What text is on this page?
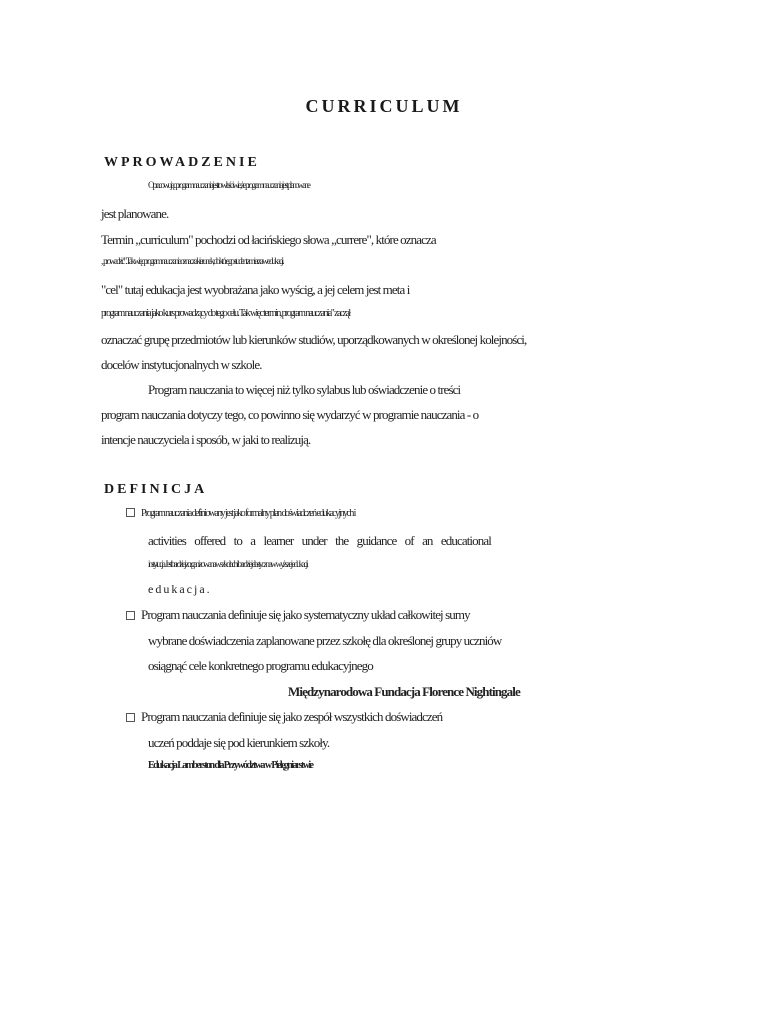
CURRICULUM
WPROWADZENIE
Opracowując program nauczania jest to właściwie, że program nauczania jest planowane
jest planowane.
Termin „curriculum" pochodzi od łacińskiego słowa „currere", które oznacza
„prowadzić". Tak więc program nauczania oznacza kierunek, do którego student zmierza w edukacji.
"cel" tutaj edukacja jest wyobrażana jako wyścig, a jej celem jest meta i
program nauczania jako kurs prowadzący do tego celu. Tak więc termin, program nauczania" zaczął
oznaczać grupę przedmiotów lub kierunków studiów, uporządkowanych w określonej kolejności,
docelów instytucjonalnych w szkole.
Program nauczania to więcej niż tylko sylabus lub oświadczenie o treści
program nauczania dotyczy tego, co powinno się wydarzyć w programie nauczania - o
intencje nauczyciela i sposób, w jaki to realizują.
DEFINICJA
Program nauczania definiowany jest jako formalny plan doświadczeń edukacyjnych i
activities offered to a learner under the guidance of an educational
instytucja. Jest bardziej zorganizowana w szkołach i bardziej elastyczna w wyższej edukacji
edukacja.
Program nauczania definiuje się jako systematyczny układ całkowitej sumy
wybrane doświadczenia zaplanowane przez szkołę dla określonej grupy uczniów
osiągnąć cele konkretnego programu edukacyjnego
Międzynarodowa Fundacja Florence Nightingale
Program nauczania definiuje się jako zespół wszystkich doświadczeń
uczeń poddaje się pod kierunkiem szkoły.
Edukacja Lamberston dla Przywództwa w Pielęgniarstwie
